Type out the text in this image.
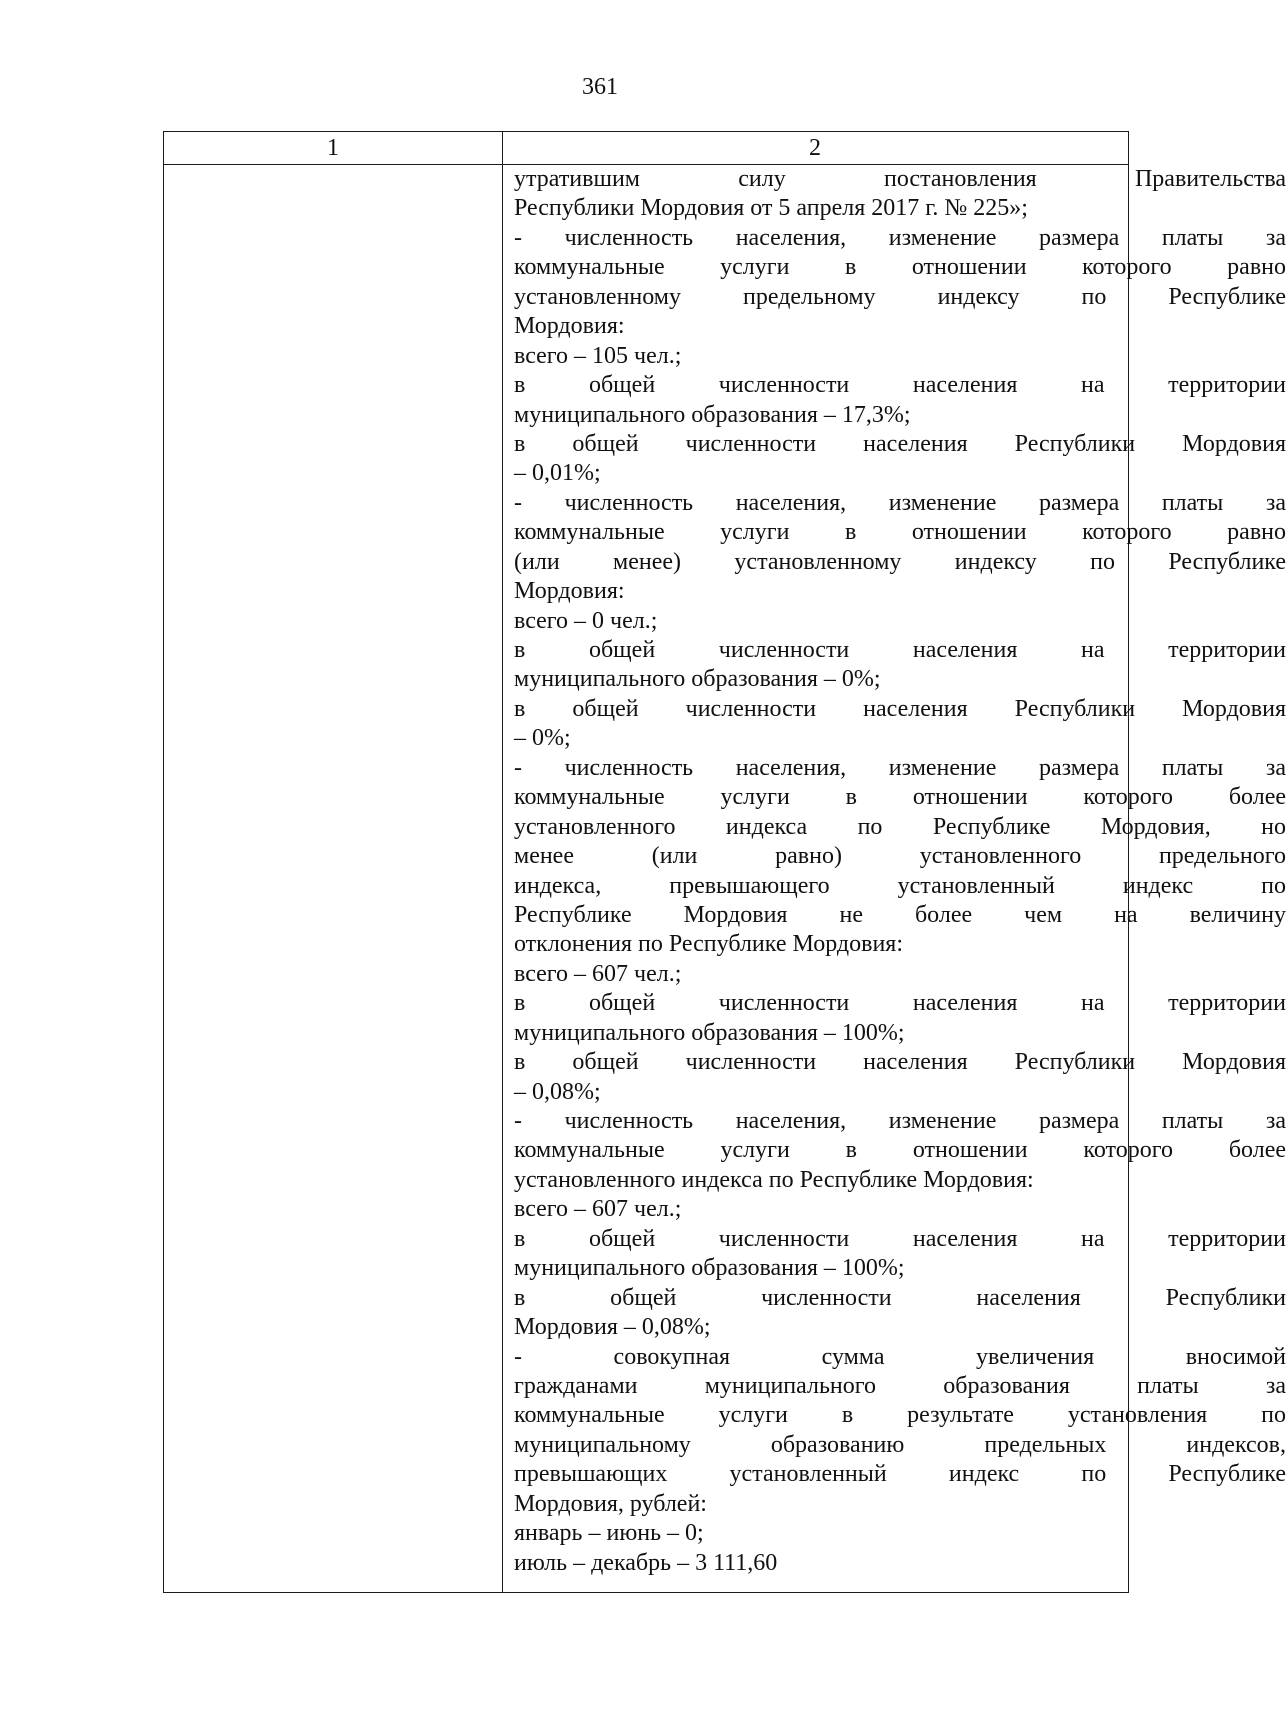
361
1	2
утратившим силу постановления Правительства
Республики Мордовия от 5 апреля 2017 г. № 225»;
- численность населения, изменение размера платы за
коммунальные услуги в отношении которого равно
установленному предельному индексу по Республике
Мордовия:
всего – 105 чел.;
в общей численности населения на территории
муниципального образования – 17,3%;
в общей численности населения Республики Мордовия
– 0,01%;
- численность населения, изменение размера платы за
коммунальные услуги в отношении которого равно
(или менее) установленному индексу по Республике
Мордовия:
всего – 0 чел.;
в общей численности населения на территории
муниципального образования – 0%;
в общей численности населения Республики Мордовия
– 0%;
- численность населения, изменение размера платы за
коммунальные услуги в отношении которого более
установленного индекса по Республике Мордовия, но
менее (или равно) установленного предельного
индекса, превышающего установленный индекс по
Республике Мордовия не более чем на величину
отклонения по Республике Мордовия:
всего – 607 чел.;
в общей численности населения на территории
муниципального образования – 100%;
в общей численности населения Республики Мордовия
– 0,08%;
- численность населения, изменение размера платы за
коммунальные услуги в отношении которого более
установленного индекса по Республике Мордовия:
всего – 607 чел.;
в общей численности населения на территории
муниципального образования – 100%;
в общей численности населения Республики
Мордовия – 0,08%;
- совокупная сумма увеличения вносимой
гражданами муниципального образования платы за
коммунальные услуги в результате установления по
муниципальному образованию предельных индексов,
превышающих установленный индекс по Республике
Мордовия, рублей:
январь – июнь – 0;
июль – декабрь – 3 111,60
